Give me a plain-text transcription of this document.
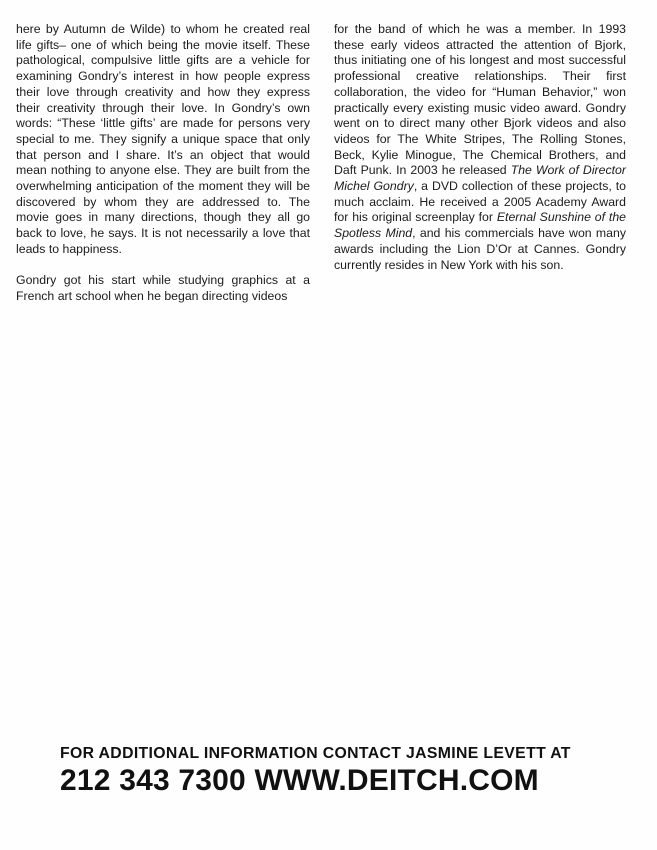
here by Autumn de Wilde) to whom he created real life gifts– one of which being the movie itself. These pathological, compulsive little gifts are a vehicle for examining Gondry’s interest in how people express their love through creativity and how they express their creativity through their love. In Gondry’s own words: “These ‘little gifts’ are made for persons very special to me. They signify a unique space that only that person and I share. It’s an object that would mean nothing to anyone else. They are built from the overwhelming anticipation of the moment they will be discovered by whom they are addressed to. The movie goes in many directions, though they all go back to love, he says. It is not necessarily a love that leads to happiness.

Gondry got his start while studying graphics at a French art school when he began directing videos

for the band of which he was a member. In 1993 these early videos attracted the attention of Bjork, thus initiating one of his longest and most successful professional creative relationships. Their first collaboration, the video for “Human Behavior,” won practically every existing music video award. Gondry went on to direct many other Bjork videos and also videos for The White Stripes, The Rolling Stones, Beck, Kylie Minogue, The Chemical Brothers, and Daft Punk. In 2003 he released The Work of Director Michel Gondry, a DVD collection of these projects, to much acclaim. He received a 2005 Academy Award for his original screenplay for Eternal Sunshine of the Spotless Mind, and his commercials have won many awards including the Lion D’Or at Cannes. Gondry currently resides in New York with his son.

FOR ADDITIONAL INFORMATION CONTACT JASMINE LEVETT AT
212 343 7300 WWW.DEITCH.COM
